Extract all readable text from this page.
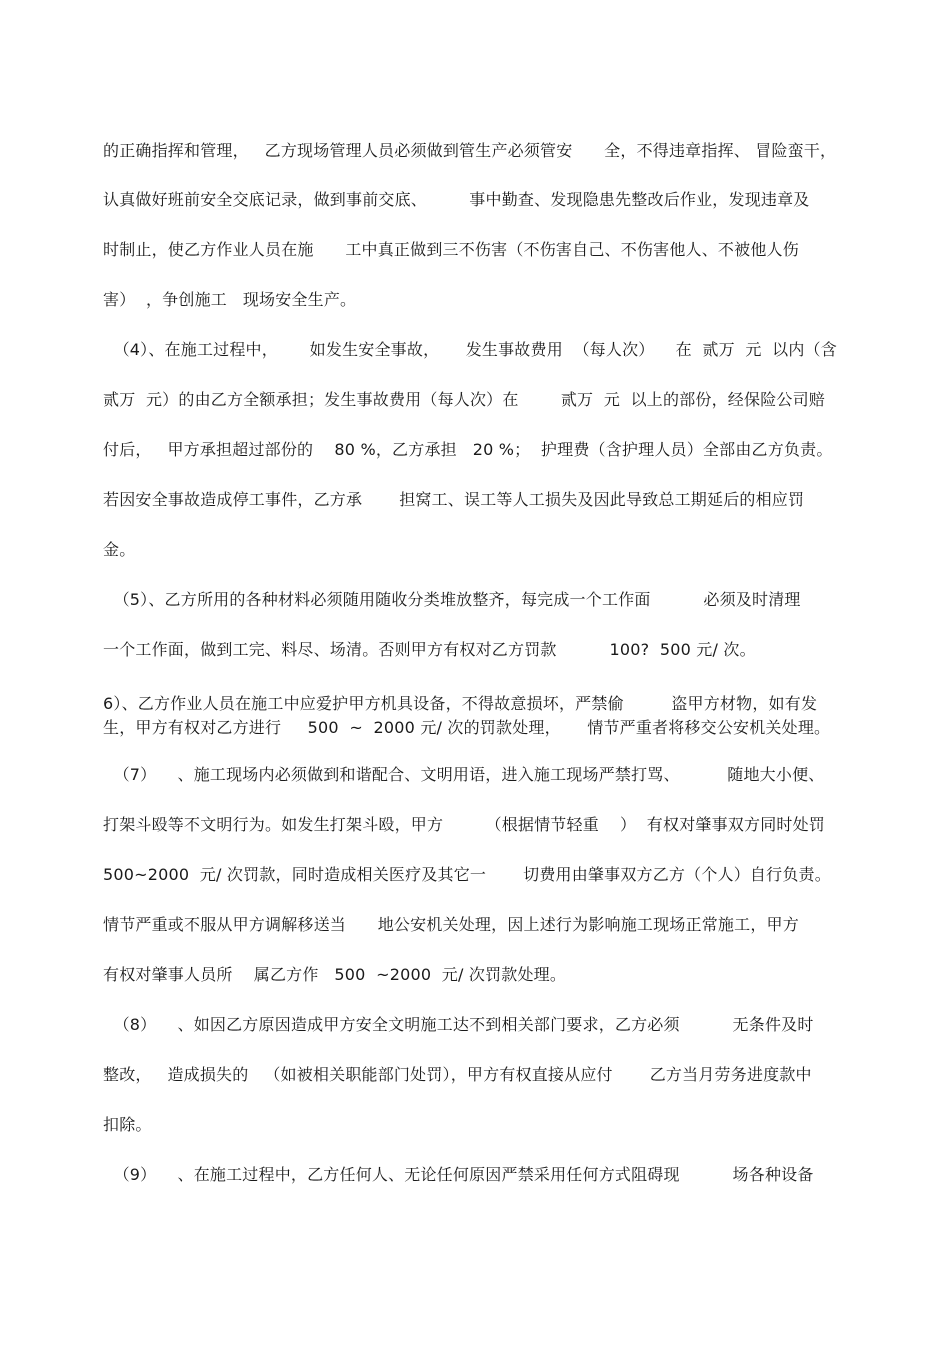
的正确指挥和管理，   乙方现场管理人员必须做到管生产必须管安      全，不得违章指挥、 冒险蛮干，
认真做好班前安全交底记录，做到事前交底、        事中勤查、发现隐患先整改后作业，发现违章及
时制止，使乙方作业人员在施      工中真正做到三不伤害（不伤害自己、不伤害他人、不被他人伤
害）  ，争创施工   现场安全生产。
（4）、在施工过程中，      如发生安全事故，     发生事故费用  （每人次）    在  贰万  元  以内（含
贰万  元）的由乙方全额承担；发生事故费用（每人次）在        贰万  元  以上的部份，经保险公司赔
付后，   甲方承担超过部份的    80 %，乙方承担   20 %；  护理费（含护理人员）全部由乙方负责。
若因安全事故造成停工事件，乙方承       担窝工、误工等人工损失及因此导致总工期延后的相应罚
金。
（5）、乙方所用的各种材料必须随用随收分类堆放整齐，每完成一个工作面          必须及时清理
一个工作面，做到工完、料尽、场清。否则甲方有权对乙方罚款          100?  500 元/ 次。
6）、乙方作业人员在施工中应爱护甲方机具设备，不得故意损坏，严禁偷         盗甲方材物，如有发
生，甲方有权对乙方进行     500  ~  2000 元/ 次的罚款处理，     情节严重者将移交公安机关处理。
（7）    、施工现场内必须做到和谐配合、文明用语，进入施工现场严禁打骂、         随地大小便、
打架斗殴等不文明行为。如发生打架斗殴，甲方        （根据情节轻重    ）  有权对肇事双方同时处罚
500~2000  元/ 次罚款，同时造成相关医疗及其它一       切费用由肇事双方乙方（个人）自行负责。
情节严重或不服从甲方调解移送当      地公安机关处理，因上述行为影响施工现场正常施工，甲方
有权对肇事人员所    属乙方作   500  ~2000  元/ 次罚款处理。
（8）    、如因乙方原因造成甲方安全文明施工达不到相关部门要求，乙方必须          无条件及时
整改，   造成损失的   （如被相关职能部门处罚），甲方有权直接从应付       乙方当月劳务进度款中
扣除。
（9）    、在施工过程中，乙方任何人、无论任何原因严禁采用任何方式阻碍现          场各种设备
